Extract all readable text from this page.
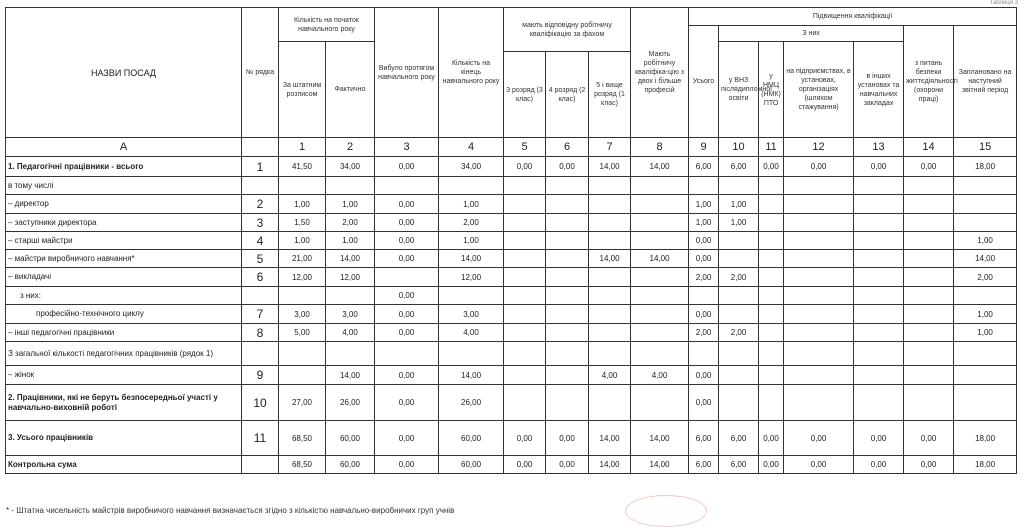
Таблиця 3
НАЗВИ ПОСАД	№ рядка	Кількість на початок навчального року		Вибуло протягом навчального року	Кількість на кінець навчального року	мають відповідну робітничу кваліфікацію за фахом			Мають робітничу кваліфіка-цію з двох і більше професій	Підвищення кваліфікації						
										Усього	З них				з питань безпеки життєдіяльності (охорони праці)	Заплановано на наступний звітний період
		За штатним розписом	Фактично								у ВНЗ післядипломної освіти	у НМЦ (НМК) ПТО	на підприємствах, в установах, організаціях (шляхом стажування)	в інших установах та навчальних закладах		
						3 розряд (3 клас)	4 розряд (2 клас)	5 і вище розряд (1 клас)								
А		1	2	3	4	5	6	7	8	9	10	11	12	13	14	15
1. Педагогічні працівники - всього	1	41,50	34,00	0,00	34,00	0,00	0,00	14,00	14,00	6,00	6,00	0,00	0,00	0,00	0,00	18,00
в тому числі																
– директор	2	1,00	1,00	0,00	1,00					1,00	1,00					
– заступники директора	3	1,50	2,00	0,00	2,00					1,00	1,00					
– старші майстри	4	1,00	1,00	0,00	1,00					0,00						1,00
– майстри виробничого навчання*	5	21,00	14,00	0,00	14,00			14,00	14,00	0,00						14,00
– викладачі	6	12,00	12,00		12,00					2,00	2,00					2,00
з них:				0,00												
професійно-технічного циклу	7	3,00	3,00	0,00	3,00					0,00						1,00
– інші педагогічні працівники	8	5,00	4,00	0,00	4,00					2,00	2,00					1,00
З загальної кількості педагогічних працівників (рядок 1)																
– жінок	9		14,00	0,00	14,00			4,00	4,00	0,00						
2. Працівники, які не беруть безпосередньої участі у навчально-виховній роботі	10	27,00	26,00	0,00	26,00					0,00						
3. Усього працівників	11	68,50	60,00	0,00	60,00	0,00	0,00	14,00	14,00	6,00	6,00	0,00	0,00	0,00	0,00	18,00
Контрольна сума		68,50	60,00	0,00	60,00	0,00	0,00	14,00	14,00	6,00	6,00	0,00	0,00	0,00	0,00	18,00
* - Штатна чисельність майстрів виробничого навчання визначається згідно з кількістю навчально-виробничих груп учнів
